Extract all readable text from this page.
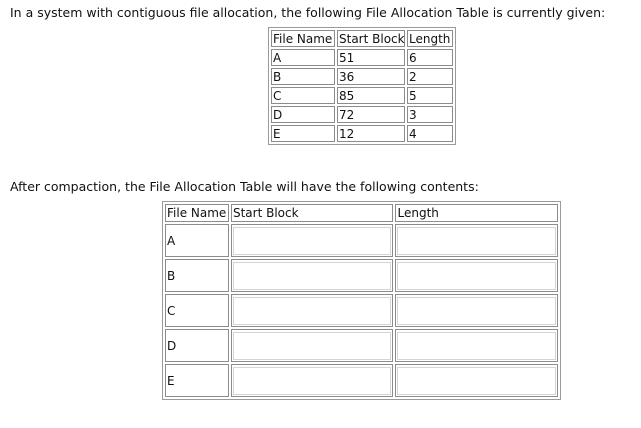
In a system with contiguous file allocation, the following File Allocation Table is currently given:
File Name	Start Block	Length
A	51	6
B	36	2
C	85	5
D	72	3
E	12	4
After compaction, the File Allocation Table will have the following contents:
File Name	Start Block	Length
A	

B	

C	

D	

E	
